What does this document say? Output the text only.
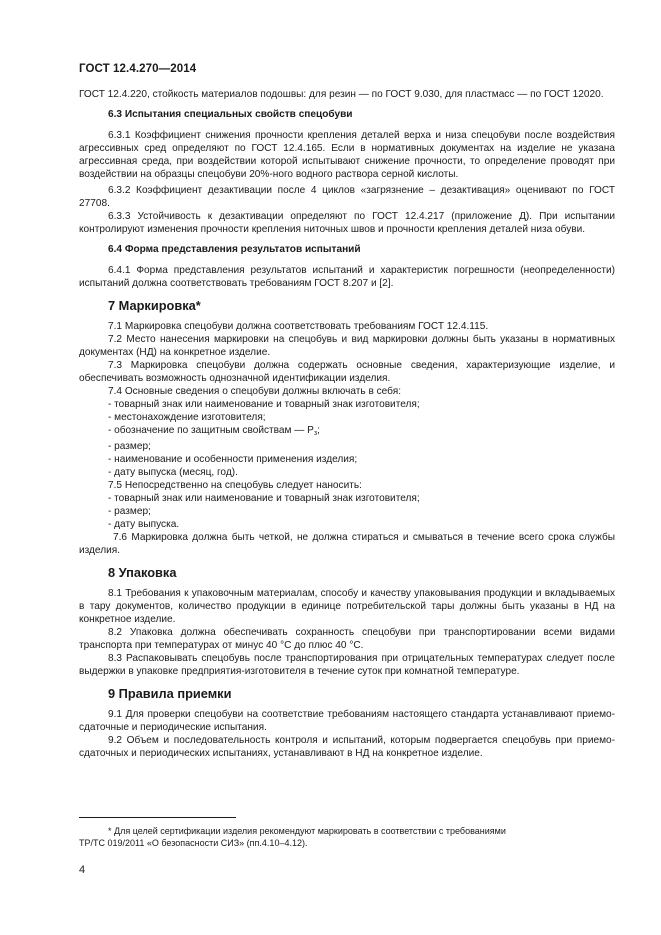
ГОСТ 12.4.270—2014

ГОСТ 12.4.220, стойкость материалов подошвы: для резин — по ГОСТ 9.030, для пластмасс — по ГОСТ 12020.

6.3 Испытания специальных свойств спецобуви

6.3.1 Коэффициент снижения прочности крепления деталей верха и низа спецобуви после воздействия агрессивных сред определяют по ГОСТ 12.4.165. Если в нормативных документах на изделие не указана агрессивная среда, при воздействии которой испытывают снижение прочности, то определение проводят при воздействии на образцы спецобуви 20%-ного водного раствора серной кислоты.

6.3.2 Коэффициент дезактивации после 4 циклов «загрязнение – дезактивация» оценивают по ГОСТ 27708.

6.3.3 Устойчивость к дезактивации определяют по ГОСТ 12.4.217 (приложение Д). При испытании контролируют изменения прочности крепления ниточных швов и прочности крепления деталей низа обуви.

6.4 Форма представления результатов испытаний

6.4.1 Форма представления результатов испытаний и характеристик погрешности (неопределенности) испытаний должна соответствовать требованиям ГОСТ 8.207 и [2].

7 Маркировка*

7.1 Маркировка спецобуви должна соответствовать требованиям ГОСТ 12.4.115.

7.2 Место нанесения маркировки на спецобувь и вид маркировки должны быть указаны в нормативных документах (НД) на конкретное изделие.

7.3 Маркировка спецобуви должна содержать основные сведения, характеризующие изделие, и обеспечивать возможность однозначной идентификации изделия.

7.4 Основные сведения о спецобуви должны включать в себя:

- товарный знак или наименование и товарный знак изготовителя;
- местонахождение изготовителя;
- обозначение по защитным свойствам — $Р_з$;
- размер;
- наименование и особенности применения изделия;
- дату выпуска (месяц, год).

7.5 Непосредственно на спецобувь следует наносить:

- товарный знак или наименование и товарный знак изготовителя;
- размер;
- дату выпуска.

7.6 Маркировка должна быть четкой, не должна стираться и смываться в течение всего срока службы изделия.

8 Упаковка

8.1 Требования к упаковочным материалам, способу и качеству упаковывания продукции и вкладываемых в тару документов, количество продукции в единице потребительской тары должны быть указаны в НД на конкретное изделие.

8.2 Упаковка должна обеспечивать сохранность спецобуви при транспортировании всеми видами транспорта при температурах от минус 40 °С до плюс 40 °С.

8.3 Распаковывать спецобувь после транспортирования при отрицательных температурах следует после выдержки в упаковке предприятия-изготовителя в течение суток при комнатной температуре.

9 Правила приемки

9.1 Для проверки спецобуви на соответствие требованиям настоящего стандарта устанавливают приемо-сдаточные и периодические испытания.

9.2 Объем и последовательность контроля и испытаний, которым подвергается спецобувь при приемо-сдаточных и периодических испытаниях, устанавливают в НД на конкретное изделие.

* Для целей сертификации изделия рекомендуют маркировать в соответствии с требованиями
ТР/ТС 019/2011 «О безопасности СИЗ» (пп.4.10–4.12).
4
